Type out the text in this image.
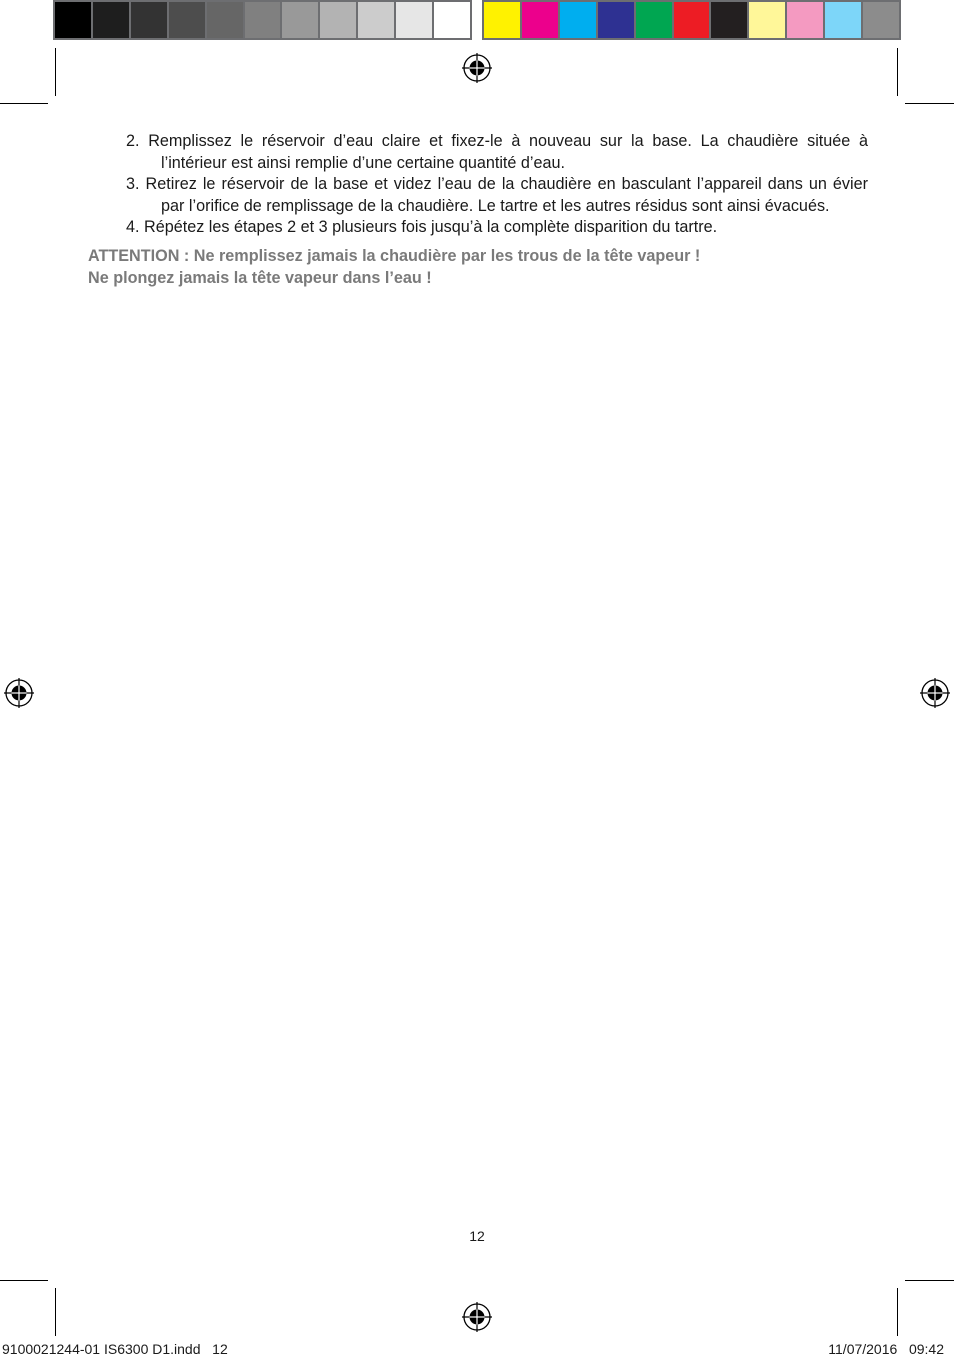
2. Remplissez le réservoir d’eau claire et fixez-le à nouveau sur la base. La chaudière située à l’intérieur est ainsi remplie d’une certaine quantité d’eau.
3. Retirez le réservoir de la base et videz l’eau de la chaudière en basculant l’appareil dans un évier par l’orifice de remplissage de la chaudière. Le tartre et les autres résidus sont ainsi évacués.
4. Répétez les étapes 2 et 3 plusieurs fois jusqu’à la complète disparition du tartre.
ATTENTION : Ne remplissez jamais la chaudière par les trous de la tête vapeur !
Ne plongez jamais la tête vapeur dans l’eau !
12
9100021244-01 IS6300 D1.indd   12	11/07/2016   09:42
